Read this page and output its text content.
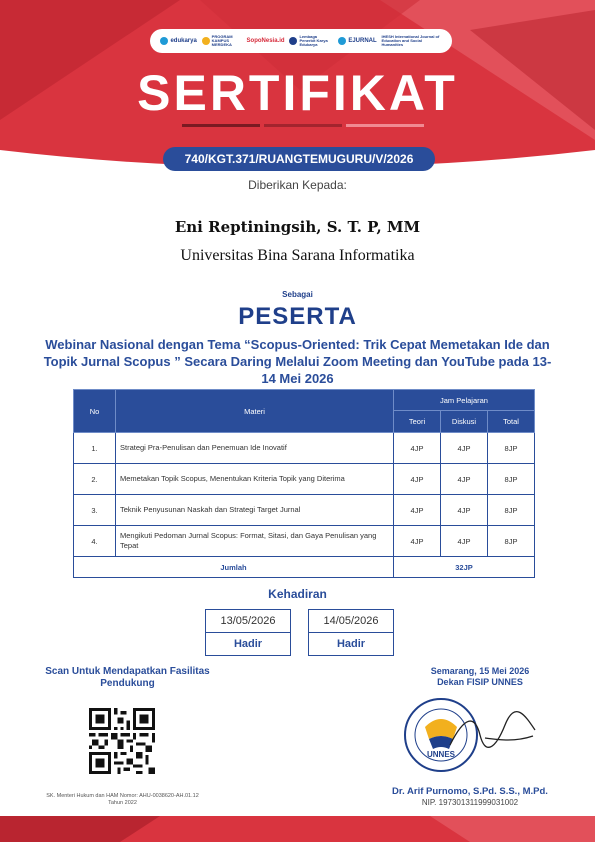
edukarya
PROGRAM KAMPUS MERDEKA
SopoNesia.id
Lembaga Penerbit Karya Edukarya
EJURNAL
IHESH International Journal of Education and Social Humanities
SERTIFIKAT
740/KGT.371/RUANGTEMUGURU/V/2026
Diberikan Kepada:
Eni Reptiningsih, S. T. P, MM
Universitas Bina Sarana Informatika
Sebagai
PESERTA
Webinar Nasional dengan Tema “Scopus-Oriented: Trik Cepat Memetakan Ide dan Topik Jurnal Scopus ” Secara Daring Melalui Zoom Meeting dan YouTube pada 13-14 Mei 2026
No	Materi	Jam Pelajaran		
		Teori	Diskusi	Total
1.	Strategi Pra-Penulisan dan Penemuan Ide Inovatif	4JP	4JP	8JP
2.	Memetakan Topik Scopus, Menentukan Kriteria Topik yang Diterima	4JP	4JP	8JP
3.	Teknik Penyusunan Naskah dan Strategi Target Jurnal	4JP	4JP	8JP
4.	Mengikuti Pedoman Jurnal Scopus: Format, Sitasi, dan Gaya Penulisan yang Tepat	4JP	4JP	8JP
Jumlah		32JP		
Kehadiran
13/05/2026
Hadir
14/05/2026
Hadir
Scan Untuk Mendapatkan Fasilitas Pendukung
SK. Menteri Hukum dan HAM Nomor: AHU-0038620-AH.01.12 Tahun 2022
Semarang, 15 Mei 2026
Dekan FISIP UNNES
UNNES
Dr. Arif Purnomo, S.Pd. S.S., M.Pd.
NIP. 197301311999031002
